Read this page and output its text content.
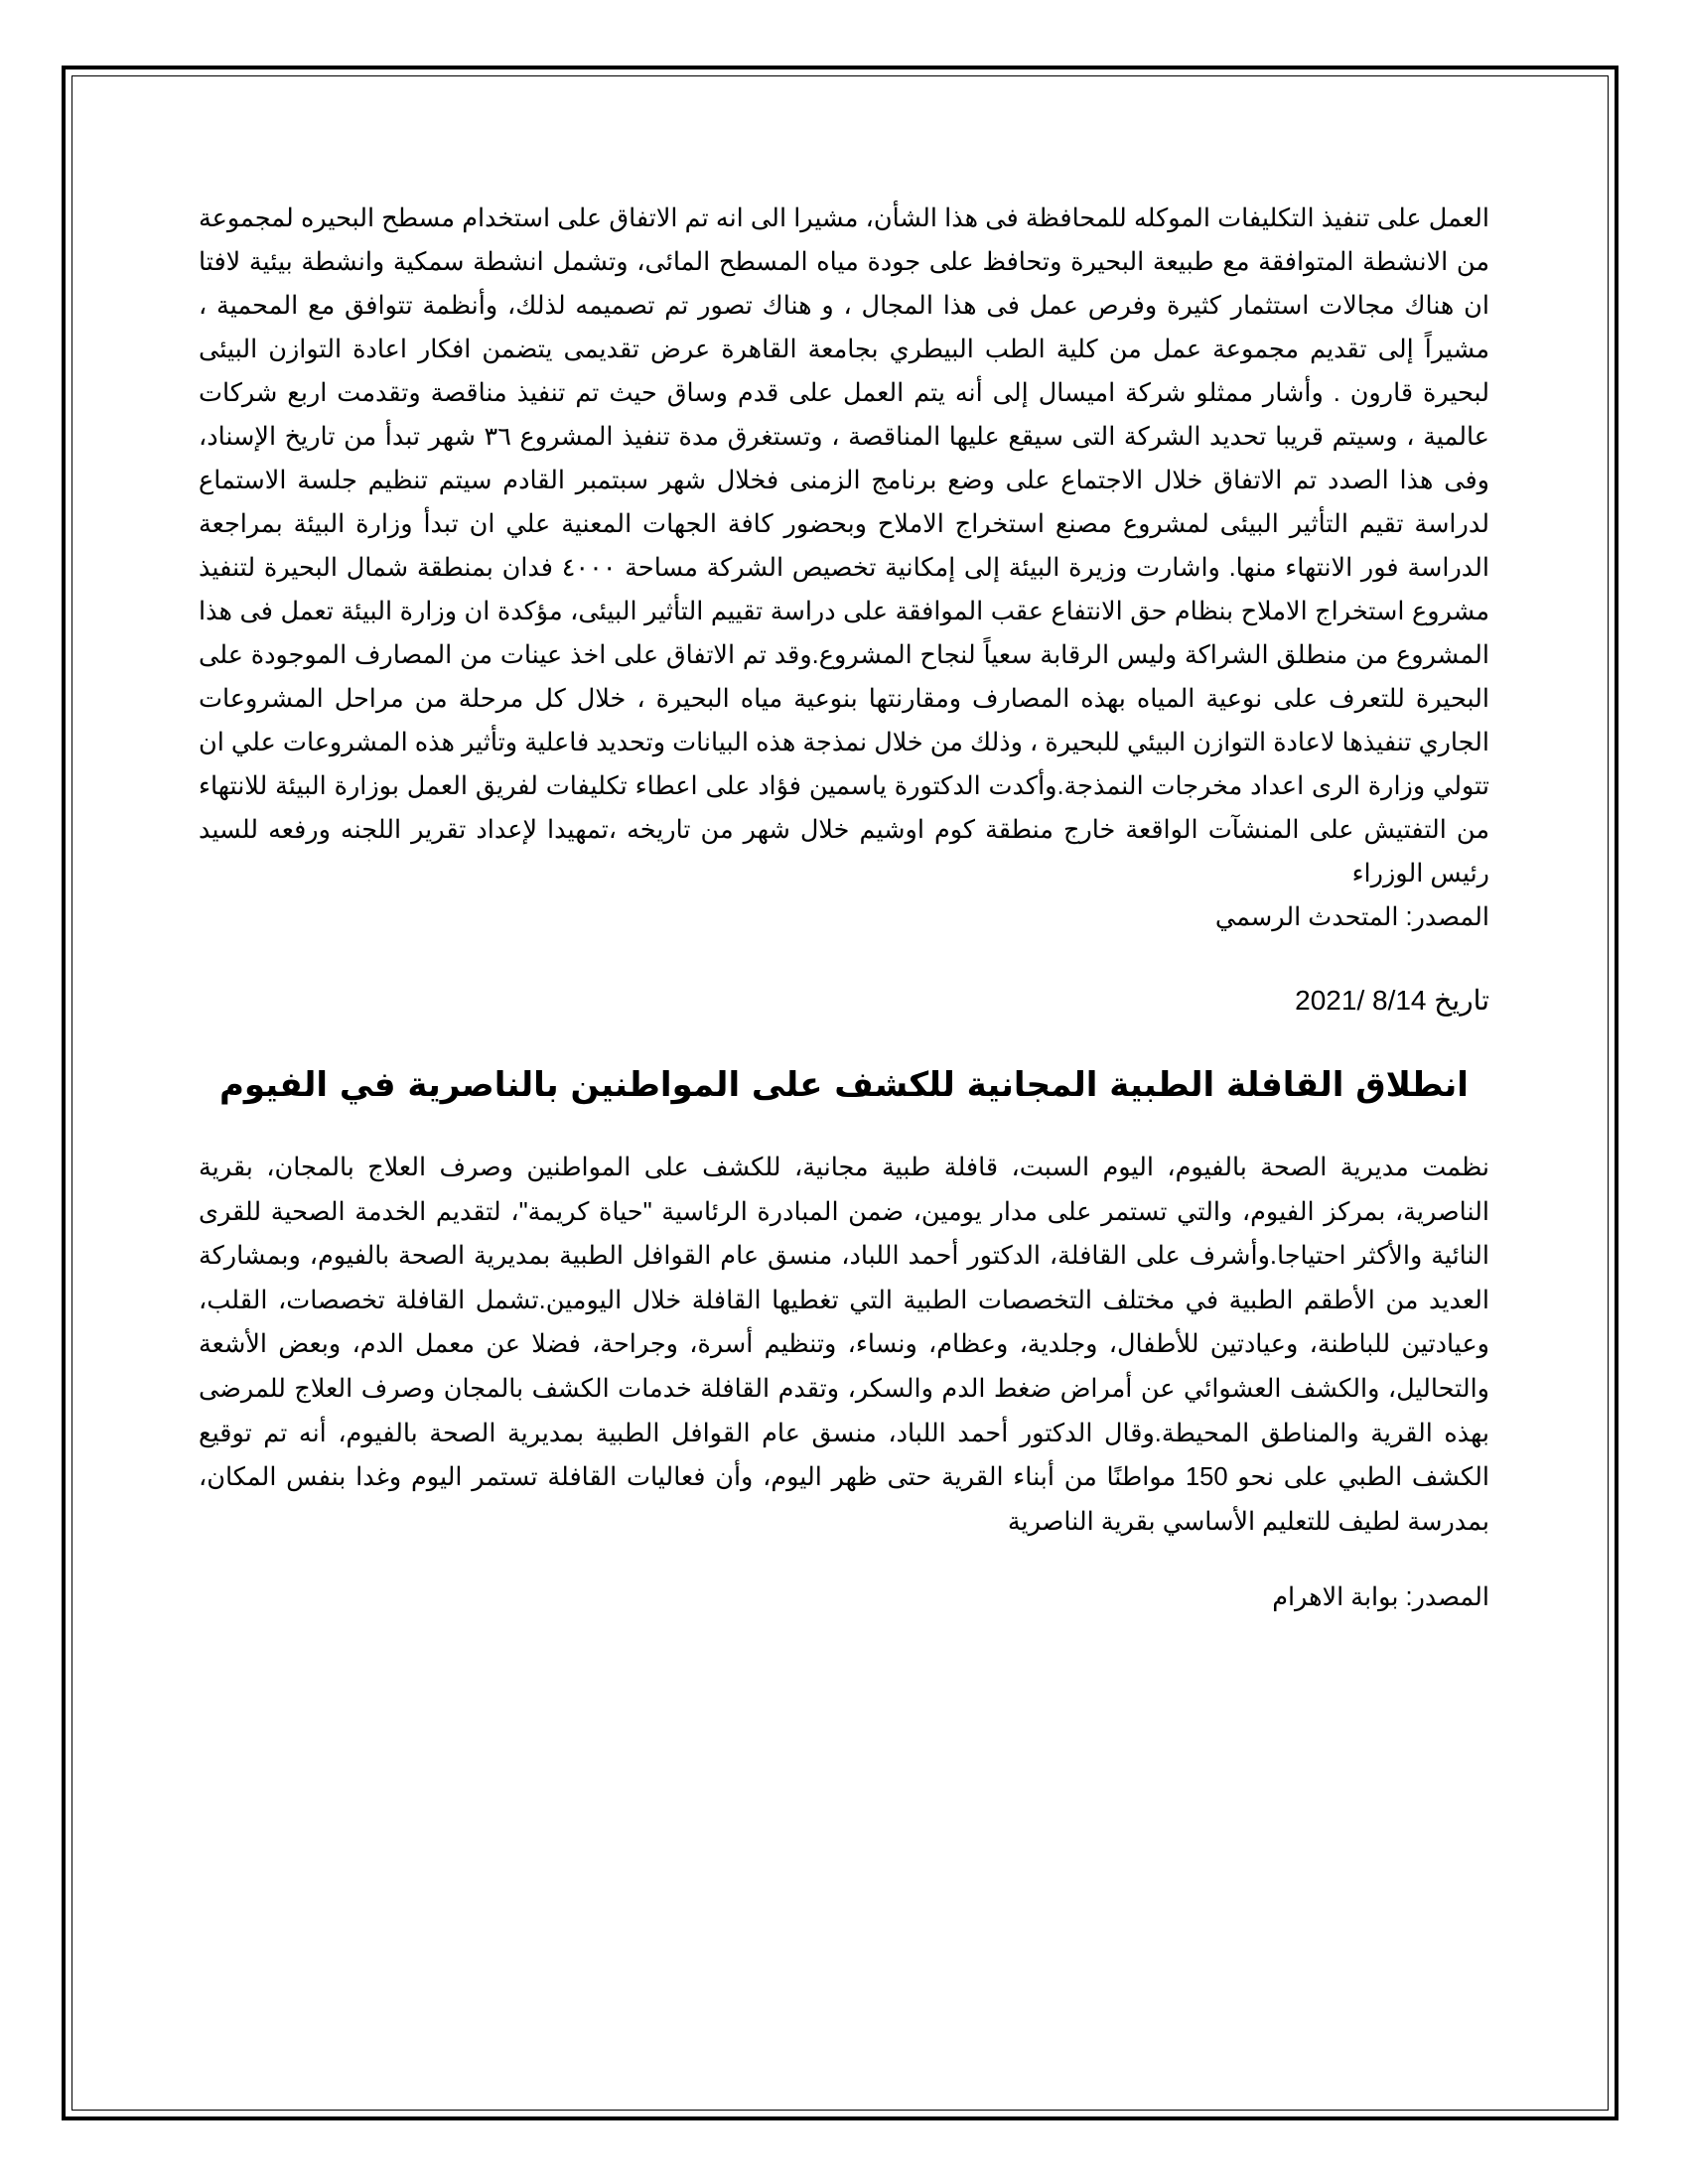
العمل على تنفيذ التكليفات الموكله للمحافظة فى هذا الشأن، مشيرا الى انه تم الاتفاق على استخدام مسطح البحيره لمجموعة من الانشطة المتوافقة مع طبيعة البحيرة وتحافظ على جودة مياه المسطح المائى، وتشمل انشطة سمكية وانشطة بيئية لافتا ان هناك مجالات استثمار كثيرة وفرص عمل فى هذا المجال ، و هناك تصور تم تصميمه لذلك، وأنظمة تتوافق مع المحمية ، مشيراً إلى تقديم مجموعة عمل من كلية الطب البيطري بجامعة القاهرة عرض تقديمى يتضمن افكار اعادة التوازن البيئى لبحيرة قارون . وأشار ممثلو شركة اميسال إلى أنه يتم العمل على قدم وساق حيث تم تنفيذ مناقصة وتقدمت اربع شركات عالمية ، وسيتم قريبا تحديد الشركة التى سيقع عليها المناقصة ، وتستغرق مدة تنفيذ المشروع ٣٦ شهر تبدأ من تاريخ الإسناد، وفى هذا الصدد تم الاتفاق خلال الاجتماع على وضع برنامج الزمنى فخلال شهر سبتمبر القادم سيتم تنظيم جلسة الاستماع لدراسة تقيم التأثير البيئى لمشروع مصنع استخراج الاملاح وبحضور كافة الجهات المعنية علي ان تبدأ وزارة البيئة بمراجعة الدراسة فور الانتهاء منها. واشارت وزيرة البيئة إلى إمكانية تخصيص الشركة مساحة ٤٠٠٠ فدان بمنطقة شمال البحيرة لتنفيذ مشروع استخراج الاملاح بنظام حق الانتفاع عقب الموافقة على دراسة تقييم التأثير البيئى، مؤكدة ان وزارة البيئة تعمل فى هذا المشروع من منطلق الشراكة وليس الرقابة سعياً لنجاح المشروع.وقد تم الاتفاق على اخذ عينات من المصارف الموجودة على البحيرة للتعرف على نوعية المياه بهذه المصارف ومقارنتها بنوعية مياه البحيرة ، خلال كل مرحلة من مراحل المشروعات الجاري تنفيذها لاعادة التوازن البيئي للبحيرة ، وذلك من خلال نمذجة هذه البيانات وتحديد فاعلية وتأثير هذه المشروعات علي ان تتولي وزارة الرى اعداد مخرجات النمذجة.وأكدت الدكتورة ياسمين فؤاد على اعطاء تكليفات لفريق العمل بوزارة البيئة للانتهاء من التفتيش على المنشآت الواقعة خارج منطقة كوم اوشيم خلال شهر من تاريخه ،تمهيدا لإعداد تقرير اللجنه ورفعه للسيد رئيس الوزراء

المصدر: المتحدث الرسمي

تاريخ 2021/ 8/14
انطلاق القافلة الطبية المجانية للكشف على المواطنين بالناصرية في الفيوم

نظمت مديرية الصحة بالفيوم، اليوم السبت، قافلة طبية مجانية، للكشف على المواطنين وصرف العلاج بالمجان، بقرية الناصرية، بمركز الفيوم، والتي تستمر على مدار يومين، ضمن المبادرة الرئاسية "حياة كريمة"، لتقديم الخدمة الصحية للقرى النائية والأكثر احتياجا.وأشرف على القافلة، الدكتور أحمد اللباد، منسق عام القوافل الطبية بمديرية الصحة بالفيوم، وبمشاركة العديد من الأطقم الطبية في مختلف التخصصات الطبية التي تغطيها القافلة خلال اليومين.تشمل القافلة تخصصات، القلب، وعيادتين للباطنة، وعيادتين للأطفال، وجلدية، وعظام، ونساء، وتنظيم أسرة، وجراحة، فضلا عن معمل الدم، وبعض الأشعة والتحاليل، والكشف العشوائي عن أمراض ضغط الدم والسكر، وتقدم القافلة خدمات الكشف بالمجان وصرف العلاج للمرضى بهذه القرية والمناطق المحيطة.وقال الدكتور أحمد اللباد، منسق عام القوافل الطبية بمديرية الصحة بالفيوم، أنه تم توقيع الكشف الطبي على نحو 150 مواطنًا من أبناء القرية حتى ظهر اليوم، وأن فعاليات القافلة تستمر اليوم وغدا بنفس المكان، بمدرسة لطيف للتعليم الأساسي بقرية الناصرية

المصدر: بوابة الاهرام
